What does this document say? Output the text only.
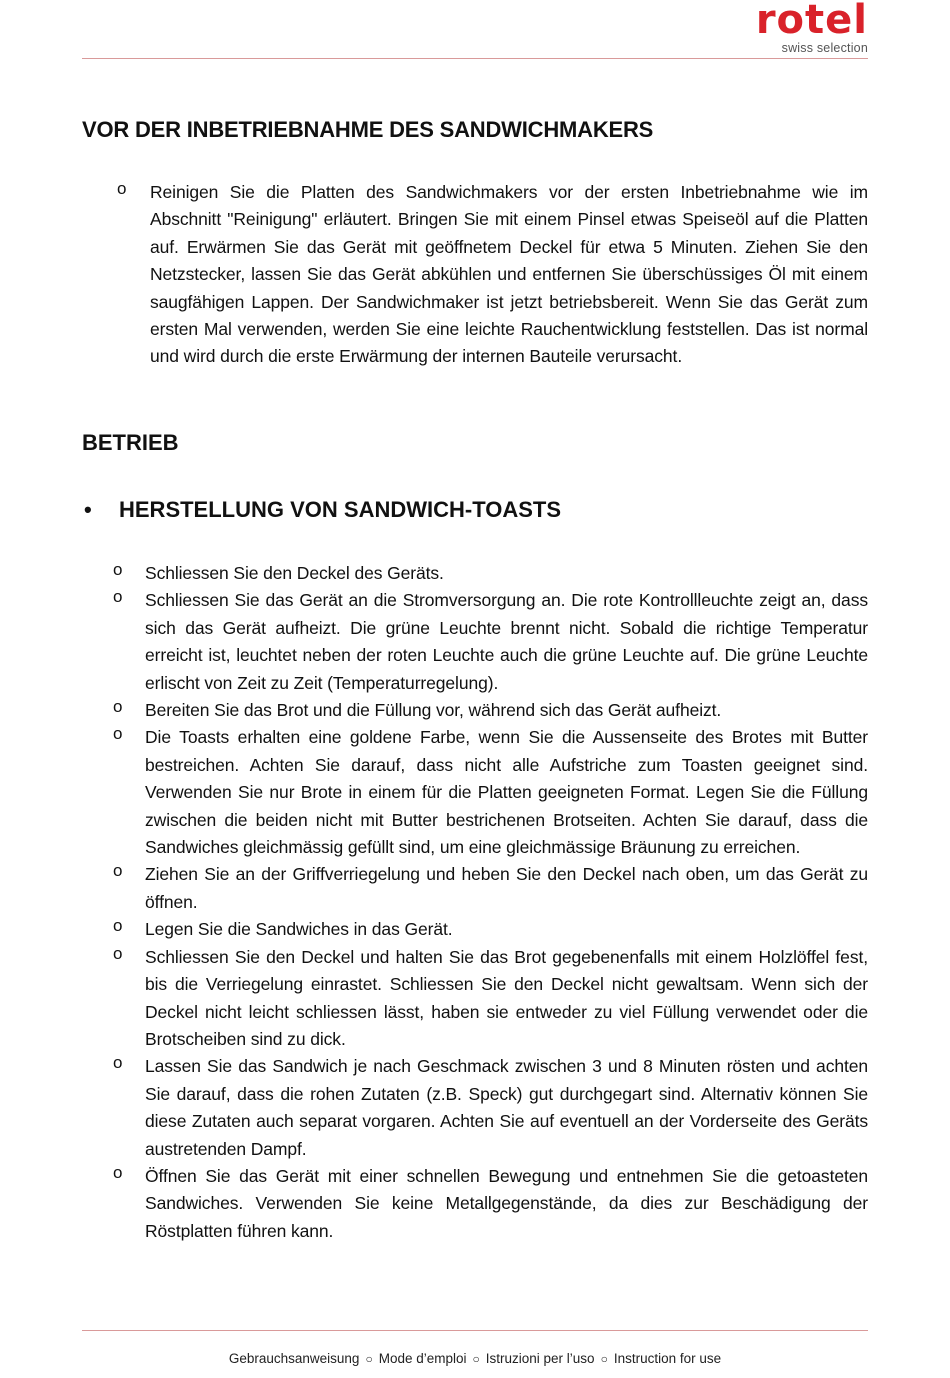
rotel
swiss selection
VOR DER INBETRIEBNAHME DES SANDWICHMAKERS
o Reinigen Sie die Platten des Sandwichmakers vor der ersten Inbetriebnahme wie im Abschnitt "Reinigung" erläutert. Bringen Sie mit einem Pinsel etwas Speiseöl auf die Platten auf. Erwärmen Sie das Gerät mit geöffnetem Deckel für etwa 5 Minuten. Ziehen Sie den Netzstecker, lassen Sie das Gerät abkühlen und entfernen Sie überschüssiges Öl mit einem saugfähigen Lappen. Der Sandwichmaker ist jetzt betriebsbereit. Wenn Sie das Gerät zum ersten Mal verwenden, werden Sie eine leichte Rauchentwicklung feststellen. Das ist normal und wird durch die erste Erwärmung der internen Bauteile verursacht.
BETRIEB
• HERSTELLUNG VON SANDWICH-TOASTS
o Schliessen Sie den Deckel des Geräts.
o Schliessen Sie das Gerät an die Stromversorgung an. Die rote Kontrollleuchte zeigt an, dass sich das Gerät aufheizt. Die grüne Leuchte brennt nicht. Sobald die richtige Temperatur erreicht ist, leuchtet neben der roten Leuchte auch die grüne Leuchte auf. Die grüne Leuchte erlischt von Zeit zu Zeit (Temperaturregelung).
o Bereiten Sie das Brot und die Füllung vor, während sich das Gerät aufheizt.
o Die Toasts erhalten eine goldene Farbe, wenn Sie die Aussenseite des Brotes mit Butter bestreichen. Achten Sie darauf, dass nicht alle Aufstriche zum Toasten geeignet sind. Verwenden Sie nur Brote in einem für die Platten geeigneten Format. Legen Sie die Füllung zwischen die beiden nicht mit Butter bestrichenen Brotseiten. Achten Sie darauf, dass die Sandwiches gleichmässig gefüllt sind, um eine gleichmässige Bräunung zu erreichen.
o Ziehen Sie an der Griffverriegelung und heben Sie den Deckel nach oben, um das Gerät zu öffnen.
o Legen Sie die Sandwiches in das Gerät.
o Schliessen Sie den Deckel und halten Sie das Brot gegebenenfalls mit einem Holzlöffel fest, bis die Verriegelung einrastet. Schliessen Sie den Deckel nicht gewaltsam. Wenn sich der Deckel nicht leicht schliessen lässt, haben sie entweder zu viel Füllung verwendet oder die Brotscheiben sind zu dick.
o Lassen Sie das Sandwich je nach Geschmack zwischen 3 und 8 Minuten rösten und achten Sie darauf, dass die rohen Zutaten (z.B. Speck) gut durchgegart sind. Alternativ können Sie diese Zutaten auch separat vorgaren. Achten Sie auf eventuell an der Vorderseite des Geräts austretenden Dampf.
o Öffnen Sie das Gerät mit einer schnellen Bewegung und entnehmen Sie die getoasteten Sandwiches. Verwenden Sie keine Metallgegenstände, da dies zur Beschädigung der Röstplatten führen kann.
Gebrauchsanweisung ○ Mode d’emploi ○ Istruzioni per l’uso ○ Instruction for use
